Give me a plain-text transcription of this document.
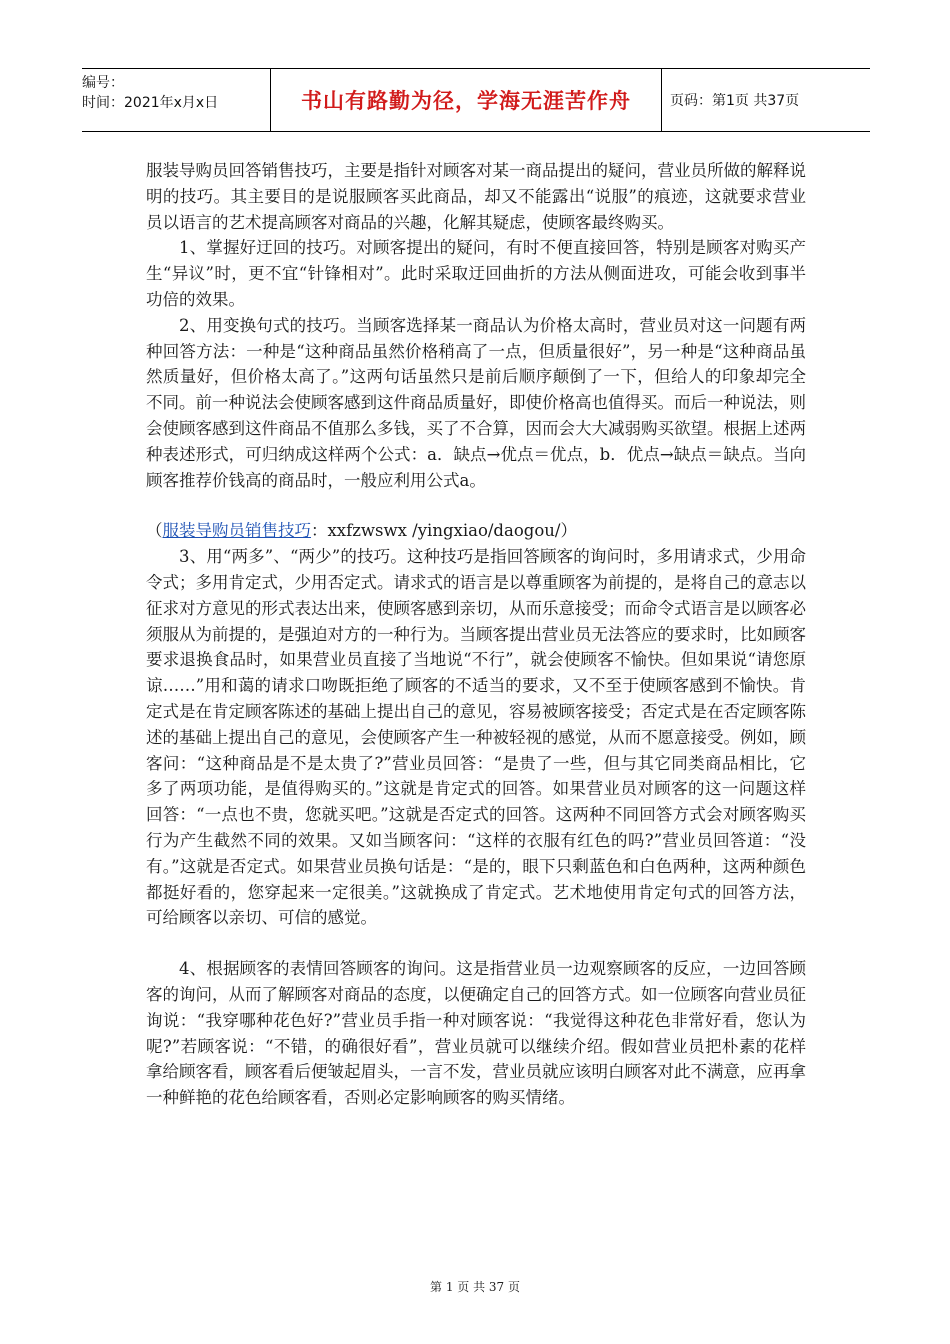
编号：
时间：2021年x月x日	书山有路勤为径，学海无涯苦作舟	页码：第1页 共37页

服装导购员回答销售技巧，主要是指针对顾客对某一商品提出的疑问，营业员所做的解释说明的技巧。其主要目的是说服顾客买此商品，却又不能露出“说服”的痕迹，这就要求营业员以语言的艺术提高顾客对商品的兴趣，化解其疑虑，使顾客最终购买。

1、掌握好迂回的技巧。对顾客提出的疑问，有时不便直接回答，特别是顾客对购买产生“异议”时，更不宜“针锋相对”。此时采取迂回曲折的方法从侧面进攻，可能会收到事半功倍的效果。

2、用变换句式的技巧。当顾客选择某一商品认为价格太高时，营业员对这一问题有两种回答方法：一种是“这种商品虽然价格稍高了一点，但质量很好”，另一种是“这种商品虽然质量好，但价格太高了。”这两句话虽然只是前后顺序颠倒了一下，但给人的印象却完全不同。前一种说法会使顾客感到这件商品质量好，即使价格高也值得买。而后一种说法，则会使顾客感到这件商品不值那么多钱，买了不合算，因而会大大减弱购买欲望。根据上述两种表述形式，可归纳成这样两个公式：a．缺点→优点＝优点，b．优点→缺点＝缺点。当向顾客推荐价钱高的商品时，一般应利用公式a。

（服装导购员销售技巧：xxfzwswx /yingxiao/daogou/）

3、用“两多”、“两少”的技巧。这种技巧是指回答顾客的询问时，多用请求式，少用命令式；多用肯定式，少用否定式。请求式的语言是以尊重顾客为前提的，是将自己的意志以征求对方意见的形式表达出来，使顾客感到亲切，从而乐意接受；而命令式语言是以顾客必须服从为前提的，是强迫对方的一种行为。当顾客提出营业员无法答应的要求时，比如顾客要求退换食品时，如果营业员直接了当地说“不行”，就会使顾客不愉快。但如果说“请您原谅……”用和蔼的请求口吻既拒绝了顾客的不适当的要求，又不至于使顾客感到不愉快。肯定式是在肯定顾客陈述的基础上提出自己的意见，容易被顾客接受；否定式是在否定顾客陈述的基础上提出自己的意见，会使顾客产生一种被轻视的感觉，从而不愿意接受。例如，顾客问：“这种商品是不是太贵了?”营业员回答：“是贵了一些，但与其它同类商品相比，它多了两项功能，是值得购买的。”这就是肯定式的回答。如果营业员对顾客的这一问题这样回答：“一点也不贵，您就买吧。”这就是否定式的回答。这两种不同回答方式会对顾客购买行为产生截然不同的效果。又如当顾客问：“这样的衣服有红色的吗?”营业员回答道：“没有。”这就是否定式。如果营业员换句话是：“是的，眼下只剩蓝色和白色两种，这两种颜色都挺好看的，您穿起来一定很美。”这就换成了肯定式。艺术地使用肯定句式的回答方法，可给顾客以亲切、可信的感觉。

4、根据顾客的表情回答顾客的询问。这是指营业员一边观察顾客的反应，一边回答顾客的询问，从而了解顾客对商品的态度，以便确定自己的回答方式。如一位顾客向营业员征询说：“我穿哪种花色好?”营业员手指一种对顾客说：“我觉得这种花色非常好看，您认为呢?”若顾客说：“不错，的确很好看”，营业员就可以继续介绍。假如营业员把朴素的花样拿给顾客看，顾客看后便皱起眉头，一言不发，营业员就应该明白顾客对此不满意，应再拿一种鲜艳的花色给顾客看，否则必定影响顾客的购买情绪。

第 1 页 共 37 页
